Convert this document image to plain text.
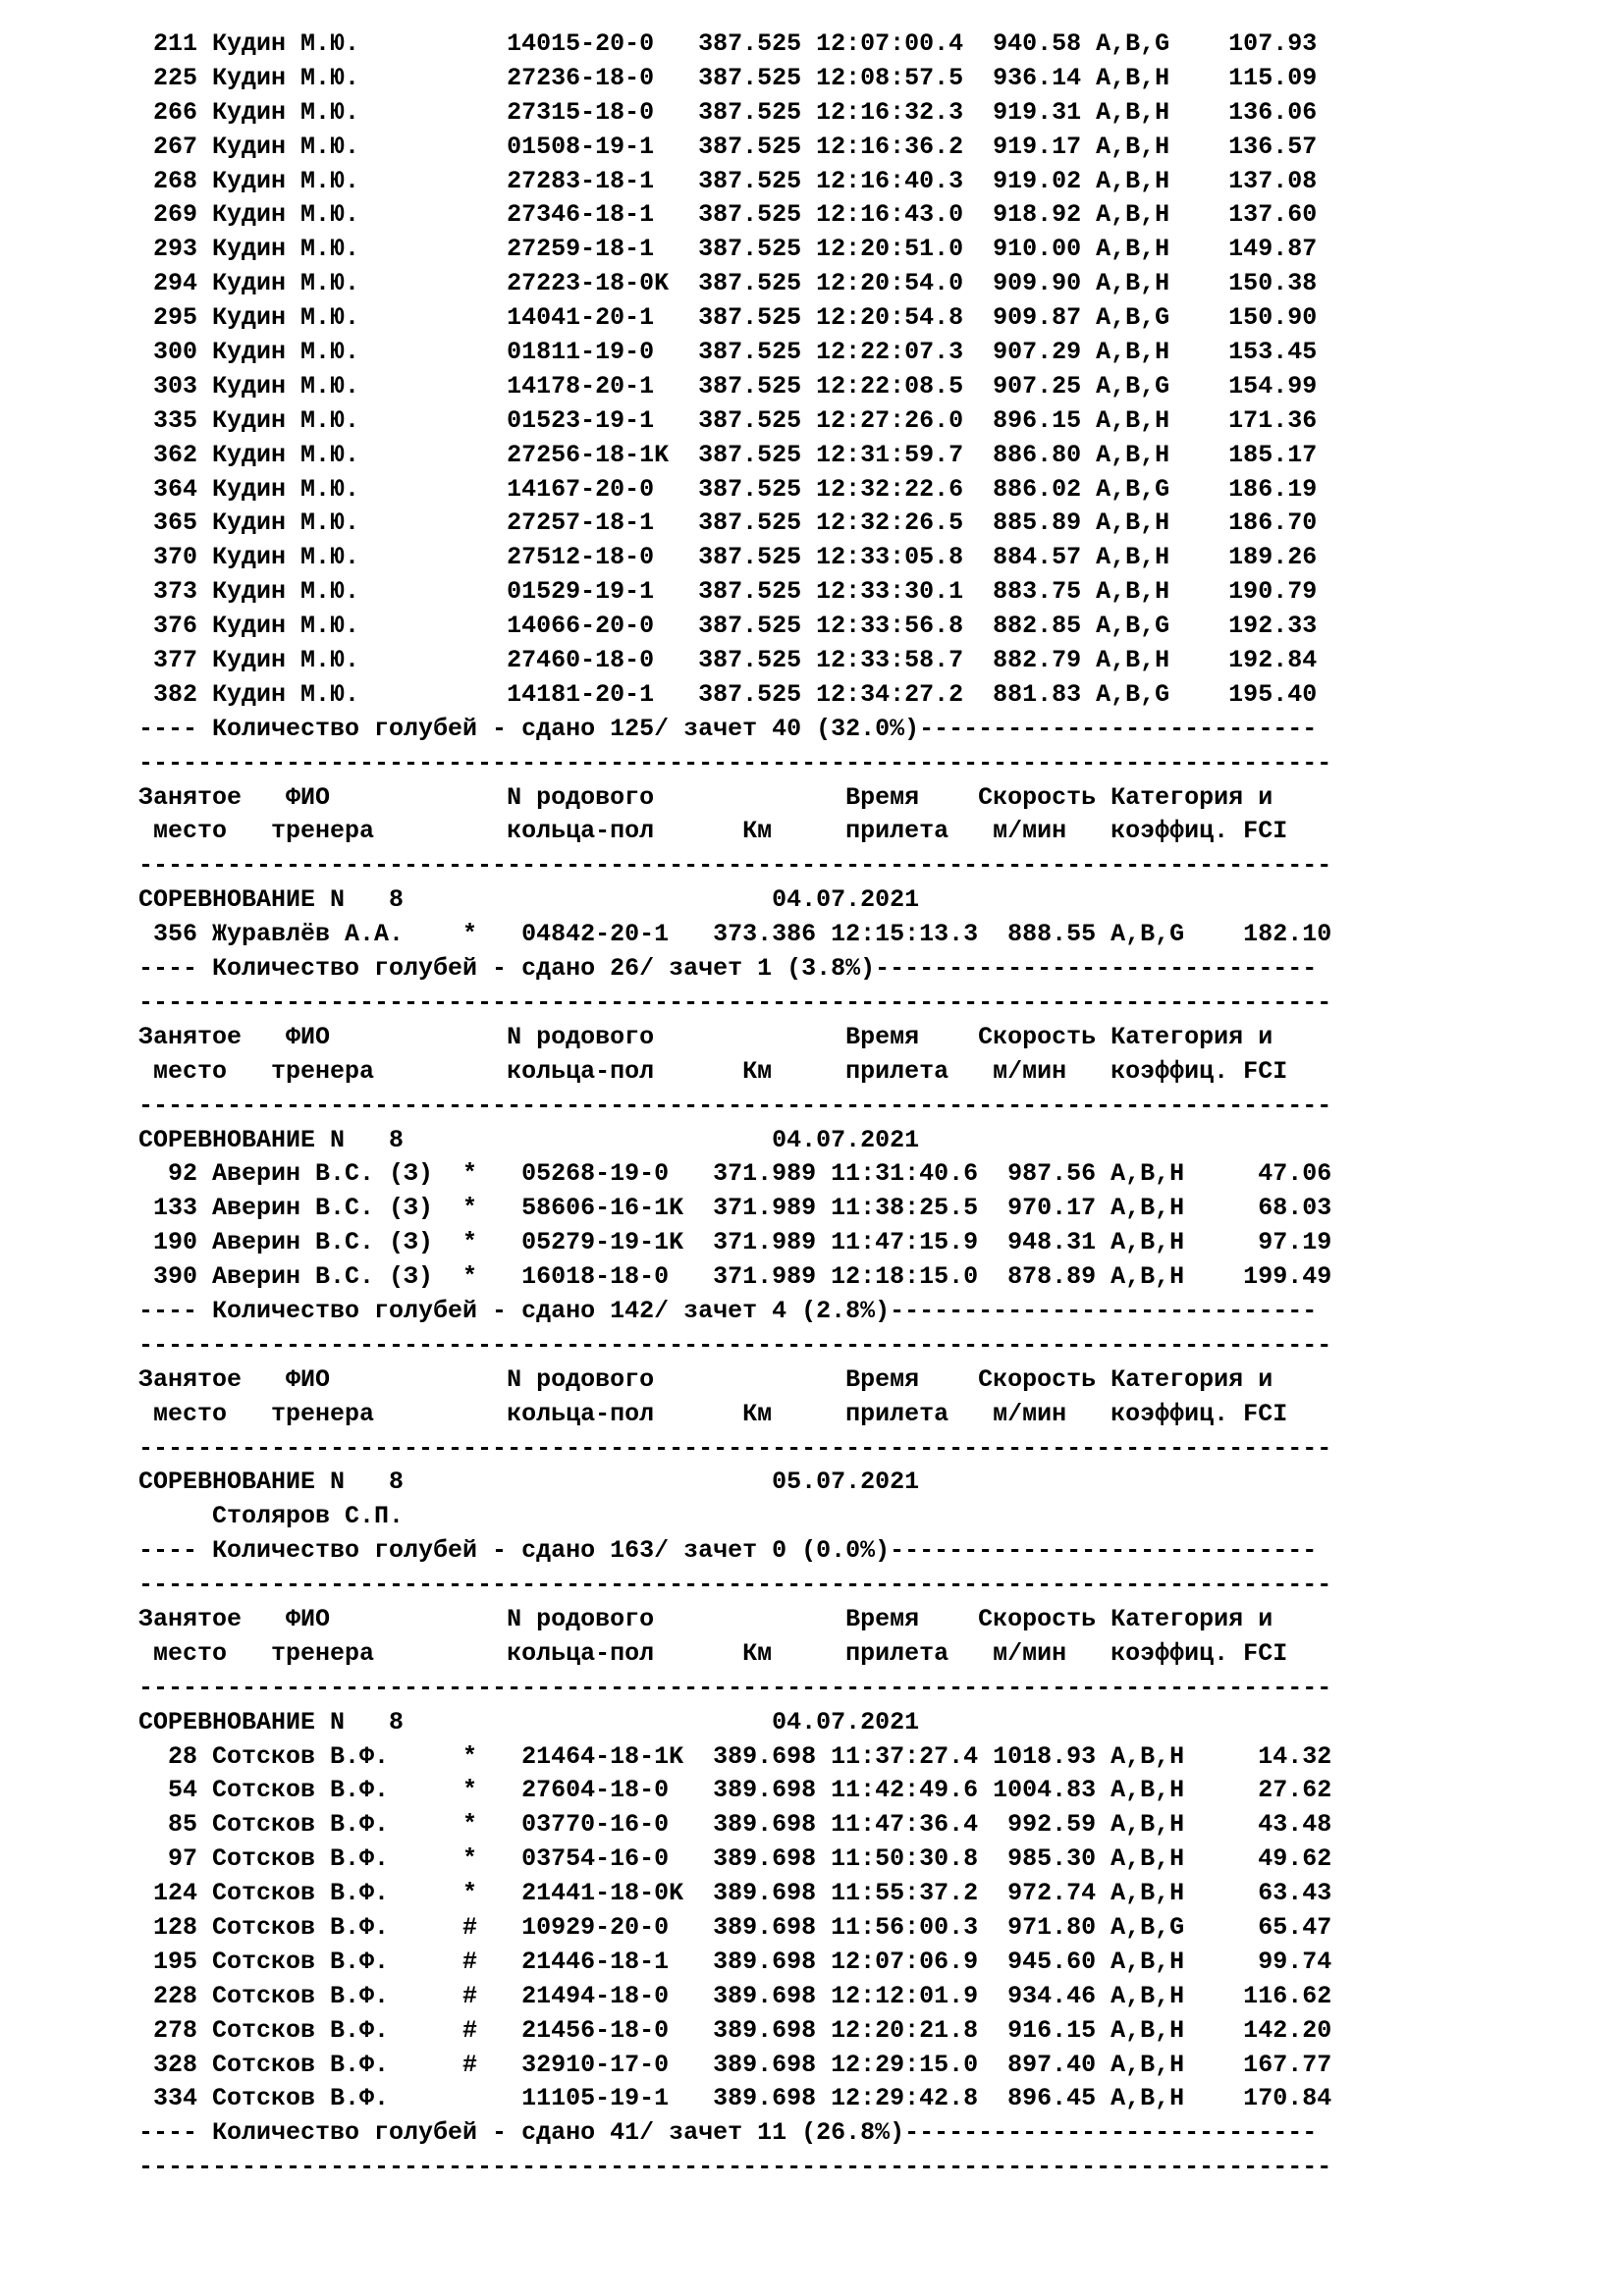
211 Кудин М.Ю.          14015-20-0   387.525 12:07:00.4  940.58 A,B,G    107.93
225 Кудин М.Ю.          27236-18-0   387.525 12:08:57.5  936.14 A,B,H    115.09
266 Кудин М.Ю.          27315-18-0   387.525 12:16:32.3  919.31 A,B,H    136.06
267 Кудин М.Ю.          01508-19-1   387.525 12:16:36.2  919.17 A,B,H    136.57
268 Кудин М.Ю.          27283-18-1   387.525 12:16:40.3  919.02 A,B,H    137.08
269 Кудин М.Ю.          27346-18-1   387.525 12:16:43.0  918.92 A,B,H    137.60
293 Кудин М.Ю.          27259-18-1   387.525 12:20:51.0  910.00 A,B,H    149.87
294 Кудин М.Ю.          27223-18-0K  387.525 12:20:54.0  909.90 A,B,H    150.38
295 Кудин М.Ю.          14041-20-1   387.525 12:20:54.8  909.87 A,B,G    150.90
300 Кудин М.Ю.          01811-19-0   387.525 12:22:07.3  907.29 A,B,H    153.45
303 Кудин М.Ю.          14178-20-1   387.525 12:22:08.5  907.25 A,B,G    154.99
335 Кудин М.Ю.          01523-19-1   387.525 12:27:26.0  896.15 A,B,H    171.36
362 Кудин М.Ю.          27256-18-1K  387.525 12:31:59.7  886.80 A,B,H    185.17
364 Кудин М.Ю.          14167-20-0   387.525 12:32:22.6  886.02 A,B,G    186.19
365 Кудин М.Ю.          27257-18-1   387.525 12:32:26.5  885.89 A,B,H    186.70
370 Кудин М.Ю.          27512-18-0   387.525 12:33:05.8  884.57 A,B,H    189.26
373 Кудин М.Ю.          01529-19-1   387.525 12:33:30.1  883.75 A,B,H    190.79
376 Кудин М.Ю.          14066-20-0   387.525 12:33:56.8  882.85 A,B,G    192.33
377 Кудин М.Ю.          27460-18-0   387.525 12:33:58.7  882.79 A,B,H    192.84
382 Кудин М.Ю.          14181-20-1   387.525 12:34:27.2  881.83 A,B,G    195.40
---- Количество голубей - сдано 125/ зачет 40 (32.0%)---------------------------
---------------------------------------------------------------------------------
Занятое   ФИО            N родового             Время    Скорость Категория и
место   тренера         кольца-пол      Км     прилета   м/мин   коэффиц. FCI
---------------------------------------------------------------------------------
СОРЕВНОВАНИЕ N   8                         04.07.2021
356 Журавлёв А.А.    *   04842-20-1   373.386 12:15:13.3  888.55 A,B,G    182.10
---- Количество голубей - сдано 26/ зачет 1 (3.8%)------------------------------
---------------------------------------------------------------------------------
Занятое   ФИО            N родового             Время    Скорость Категория и
место   тренера         кольца-пол      Км     прилета   м/мин   коэффиц. FCI
---------------------------------------------------------------------------------
СОРЕВНОВАНИЕ N   8                         04.07.2021
92 Аверин В.С. (З)  *   05268-19-0   371.989 11:31:40.6  987.56 A,B,H     47.06
133 Аверин В.С. (З)  *   58606-16-1K  371.989 11:38:25.5  970.17 A,B,H     68.03
190 Аверин В.С. (З)  *   05279-19-1K  371.989 11:47:15.9  948.31 A,B,H     97.19
390 Аверин В.С. (З)  *   16018-18-0   371.989 12:18:15.0  878.89 A,B,H    199.49
---- Количество голубей - сдано 142/ зачет 4 (2.8%)-----------------------------
---------------------------------------------------------------------------------
Занятое   ФИО            N родового             Время    Скорость Категория и
место   тренера         кольца-пол      Км     прилета   м/мин   коэффиц. FCI
---------------------------------------------------------------------------------
СОРЕВНОВАНИЕ N   8                         05.07.2021
Столяров С.П.
---- Количество голубей - сдано 163/ зачет 0 (0.0%)-----------------------------
---------------------------------------------------------------------------------
Занятое   ФИО            N родового             Время    Скорость Категория и
место   тренера         кольца-пол      Км     прилета   м/мин   коэффиц. FCI
---------------------------------------------------------------------------------
СОРЕВНОВАНИЕ N   8                         04.07.2021
28 Сотсков В.Ф.     *   21464-18-1K  389.698 11:37:27.4 1018.93 A,B,H     14.32
54 Сотсков В.Ф.     *   27604-18-0   389.698 11:42:49.6 1004.83 A,B,H     27.62
85 Сотсков В.Ф.     *   03770-16-0   389.698 11:47:36.4  992.59 A,B,H     43.48
97 Сотсков В.Ф.     *   03754-16-0   389.698 11:50:30.8  985.30 A,B,H     49.62
124 Сотсков В.Ф.     *   21441-18-0K  389.698 11:55:37.2  972.74 A,B,H     63.43
128 Сотсков В.Ф.     #   10929-20-0   389.698 11:56:00.3  971.80 A,B,G     65.47
195 Сотсков В.Ф.     #   21446-18-1   389.698 12:07:06.9  945.60 A,B,H     99.74
228 Сотсков В.Ф.     #   21494-18-0   389.698 12:12:01.9  934.46 A,B,H    116.62
278 Сотсков В.Ф.     #   21456-18-0   389.698 12:20:21.8  916.15 A,B,H    142.20
328 Сотсков В.Ф.     #   32910-17-0   389.698 12:29:15.0  897.40 A,B,H    167.77
334 Сотсков В.Ф.         11105-19-1   389.698 12:29:42.8  896.45 A,B,H    170.84
---- Количество голубей - сдано 41/ зачет 11 (26.8%)----------------------------
---------------------------------------------------------------------------------
